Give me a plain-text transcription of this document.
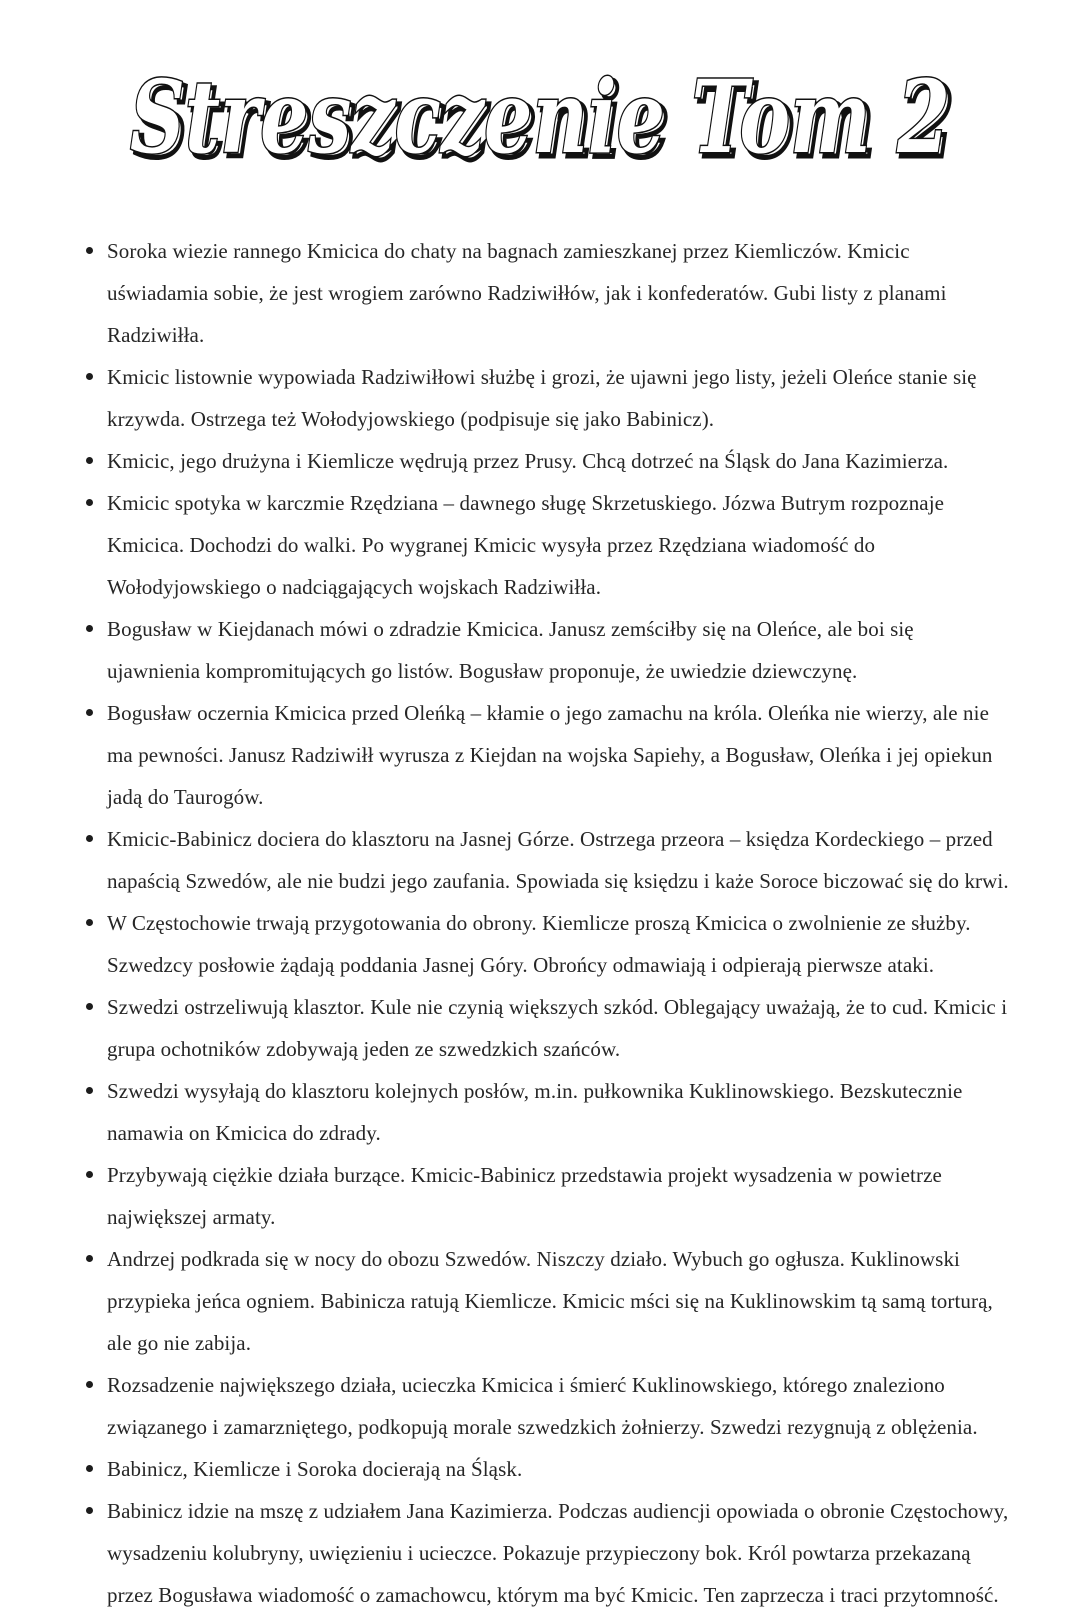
Streszczenie Tom 2
Streszczenie Tom 2
Soroka wiezie rannego Kmicica do chaty na bagnach zamieszkanej przez Kiemliczów. Kmicic uświadamia sobie, że jest wrogiem zarówno Radziwiłłów, jak i konfederatów. Gubi listy z planami Radziwiłła.
Kmicic listownie wypowiada Radziwiłłowi służbę i grozi, że ujawni jego listy, jeżeli Oleńce stanie się krzywda. Ostrzega też Wołodyjowskiego (podpisuje się jako Babinicz).
Kmicic, jego drużyna i Kiemlicze wędrują przez Prusy. Chcą dotrzeć na Śląsk do Jana Kazimierza.
Kmicic spotyka w karczmie Rzędziana – dawnego sługę Skrzetuskiego. Józwa Butrym rozpoznaje Kmicica. Dochodzi do walki. Po wygranej Kmicic wysyła przez Rzędziana wiadomość do Wołodyjowskiego o nadciągających wojskach Radziwiłła.
Bogusław w Kiejdanach mówi o zdradzie Kmicica. Janusz zemściłby się na Oleńce, ale boi się ujawnienia kompromitujących go listów. Bogusław proponuje, że uwiedzie dziewczynę.
Bogusław oczernia Kmicica przed Oleńką – kłamie o jego zamachu na króla. Oleńka nie wierzy, ale nie ma pewności. Janusz Radziwiłł wyrusza z Kiejdan na wojska Sapiehy, a Bogusław, Oleńka i jej opiekun jadą do Taurogów.
Kmicic-Babinicz dociera do klasztoru na Jasnej Górze. Ostrzega przeora – księdza Kordeckiego – przed napaścią Szwedów, ale nie budzi jego zaufania. Spowiada się księdzu i każe Soroce biczować się do krwi.
W Częstochowie trwają przygotowania do obrony. Kiemlicze proszą Kmicica o zwolnienie ze służby. Szwedzcy posłowie żądają poddania Jasnej Góry. Obrońcy odmawiają i odpierają pierwsze ataki.
Szwedzi ostrzeliwują klasztor. Kule nie czynią większych szkód. Oblegający uważają, że to cud. Kmicic i grupa ochotników zdobywają jeden ze szwedzkich szańców.
Szwedzi wysyłają do klasztoru kolejnych posłów, m.in. pułkownika Kuklinowskiego. Bezskutecznie namawia on Kmicica do zdrady.
Przybywają ciężkie działa burzące. Kmicic-Babinicz przedstawia projekt wysadzenia w powietrze największej armaty.
Andrzej podkrada się w nocy do obozu Szwedów. Niszczy działo. Wybuch go ogłusza. Kuklinowski przypieka jeńca ogniem. Babinicza ratują Kiemlicze. Kmicic mści się na Kuklinowskim tą samą torturą, ale go nie zabija.
Rozsadzenie największego działa, ucieczka Kmicica i śmierć Kuklinowskiego, którego znaleziono związanego i zamarzniętego, podkopują morale szwedzkich żołnierzy. Szwedzi rezygnują z oblężenia.
Babinicz, Kiemlicze i Soroka docierają na Śląsk.
Babinicz idzie na mszę z udziałem Jana Kazimierza. Podczas audiencji opowiada o obronie Częstochowy, wysadzeniu kolubryny, uwięzieniu i ucieczce. Pokazuje przypieczony bok. Król powtarza przekazaną przez Bogusława wiadomość o zamachowcu, którym ma być Kmicic. Ten zaprzecza i traci przytomność.
